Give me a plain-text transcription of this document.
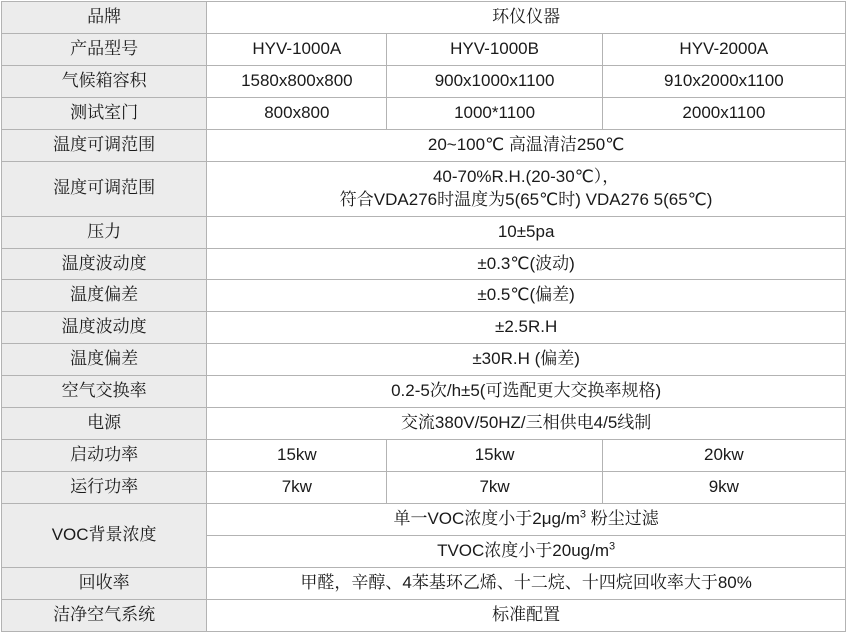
品牌	环仪仪器		
产品型号	HYV-1000A	HYV-1000B	HYV-2000A
气候箱容积	1580x800x800	900x1000x1100	910x2000x1100
测试室门	800x800	1000*1100	2000x1100
温度可调范围	20~100℃ 高温清洁250℃		
湿度可调范围	40-70%R.H.(20-30℃），
符合VDA276时温度为5(65℃时) VDA276 5(65℃)		

压力	10±5pa		
温度波动度	±0.3℃(波动)		
温度偏差	±0.5℃(偏差)		
温度波动度	±2.5R.H		
温度偏差	±30R.H (偏差)		
空气交换率	0.2-5次/h±5(可选配更大交换率规格)		
电源	交流380V/50HZ/三相供电4/5线制		
启动功率	15kw	15kw	20kw
运行功率	7kw	7kw	9kw
VOC背景浓度	单一VOC浓度小于$2\mu g/m^3$ 粉尘过滤		
	TVOC浓度小于$20ug/m^3$
回收率	甲醛，辛醇、4苯基环乙烯、十二烷、十四烷回收率大于80%		
洁净空气系统	标准配置		
